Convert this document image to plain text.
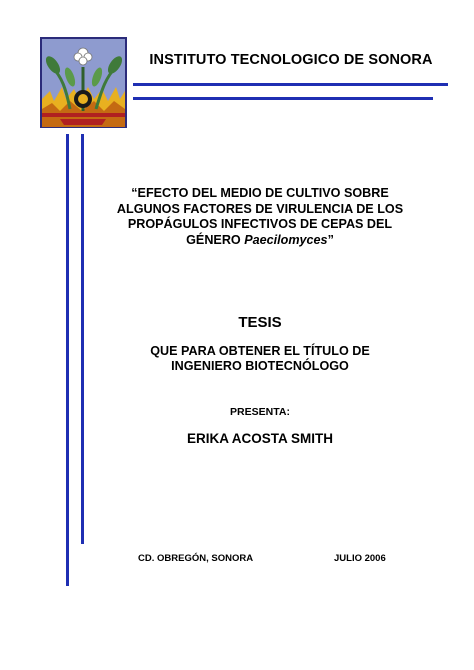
INSTITUTO TECNOLOGICO DE SONORA
“EFECTO DEL MEDIO DE CULTIVO SOBRE ALGUNOS FACTORES DE VIRULENCIA DE LOS PROPÁGULOS INFECTIVOS DE CEPAS DEL GÉNERO Paecilomyces”
TESIS
QUE PARA OBTENER EL TÍTULO DE
INGENIERO BIOTECNÓLOGO
PRESENTA:
ERIKA ACOSTA SMITH
CD. OBREGÓN, SONORA	JULIO 2006
